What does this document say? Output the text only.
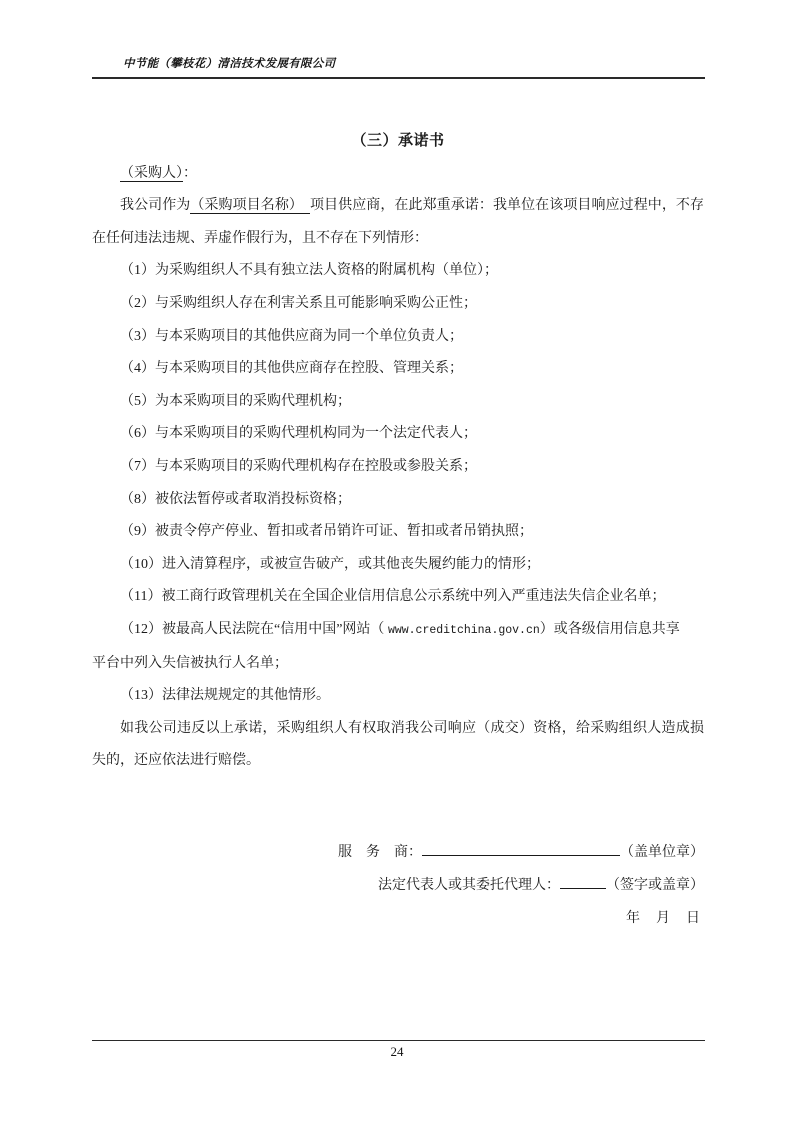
中节能（攀枝花）清洁技术发展有限公司
（三）承诺书

（采购人）：

我公司作为（采购项目名称） 项目供应商，在此郑重承诺：我单位在该项目响应过程中，不存在任何违法违规、弄虚作假行为，且不存在下列情形：

（1）为采购组织人不具有独立法人资格的附属机构（单位）；

（2）与采购组织人存在利害关系且可能影响采购公正性；

（3）与本采购项目的其他供应商为同一个单位负责人；

（4）与本采购项目的其他供应商存在控股、管理关系；

（5）为本采购项目的采购代理机构；

（6）与本采购项目的采购代理机构同为一个法定代表人；

（7）与本采购项目的采购代理机构存在控股或参股关系；

（8）被依法暂停或者取消投标资格；

（9）被责令停产停业、暂扣或者吊销许可证、暂扣或者吊销执照；

（10）进入清算程序，或被宣告破产，或其他丧失履约能力的情形；

（11）被工商行政管理机关在全国企业信用信息公示系统中列入严重违法失信企业名单；

（12）被最高人民法院在“信用中国”网站（ www.creditchina.gov.cn）或各级信用信息共享
平台中列入失信被执行人名单；

（13）法律法规规定的其他情形。

如我公司违反以上承诺，采购组织人有权取消我公司响应（成交）资格，给采购组织人造成损失的，还应依法进行赔偿。

服　务　商：	（盖单位章）
法定代表人或其委托代理人：	（签字或盖章）
年　月　日
24
